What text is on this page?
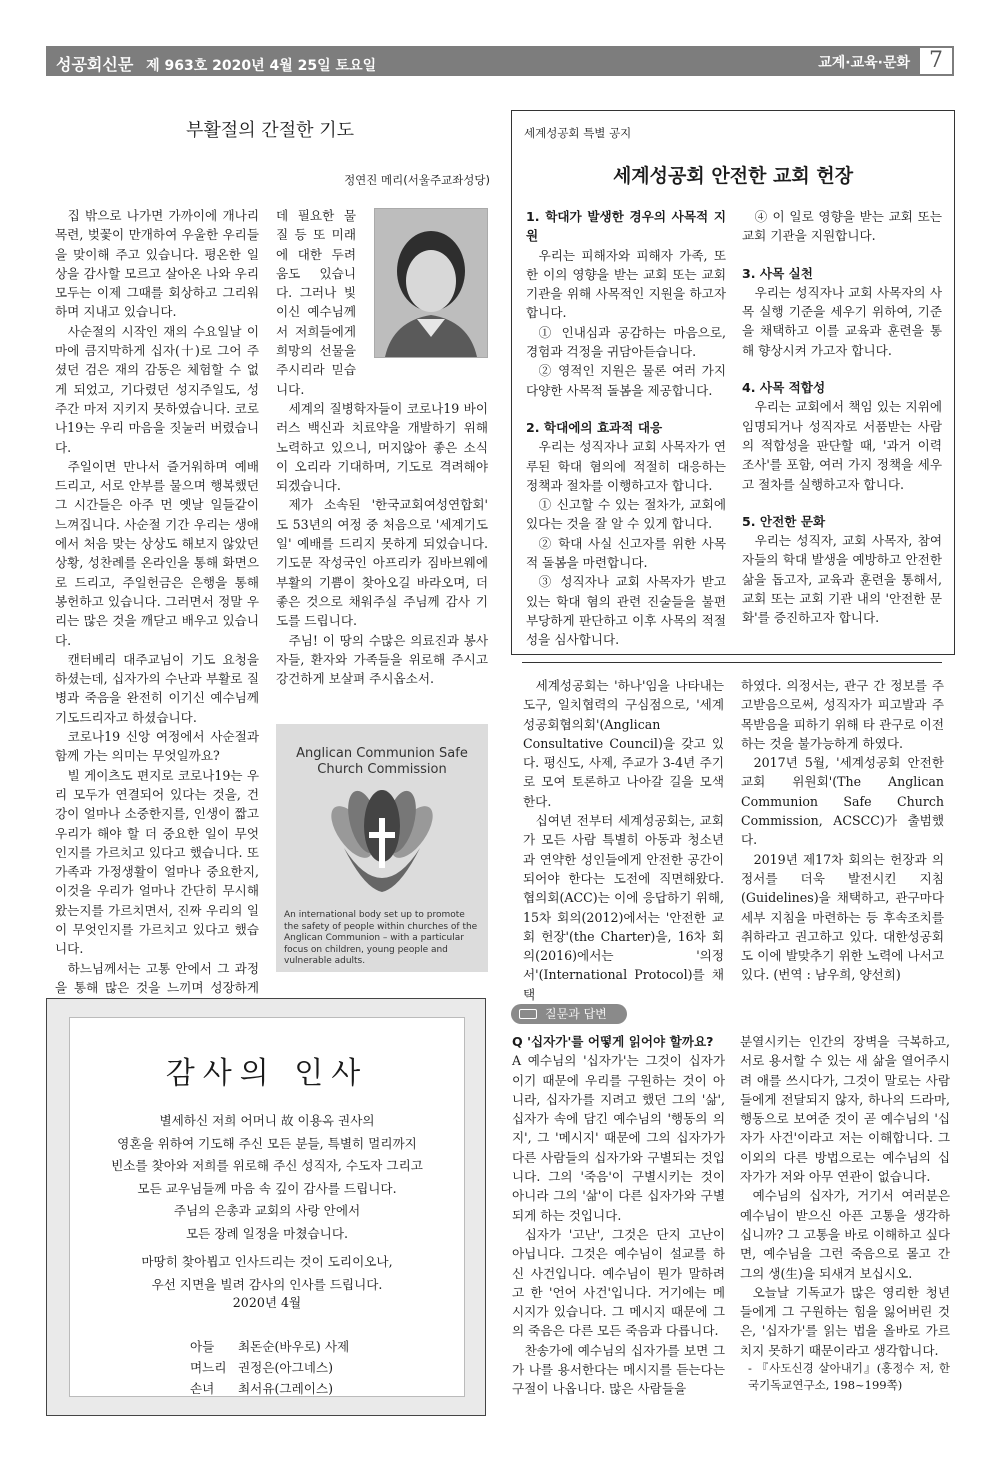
성공회신문 제 963호 2020년 4월 25일 토요일	교계·교육·문화 7
부활절의 간절한 기도
정연진 메리(서울주교좌성당)

집 밖으로 나가면 가까이에 개나리 목련, 벚꽃이 만개하여 우울한 우리들을 맞이해 주고 있습니다. 평온한 일상을 감사할 모르고 살아온 나와 우리 모두는 이제 그때를 회상하고 그리워하며 지내고 있습니다.

사순절의 시작인 재의 수요일날 이마에 큼지막하게 십자(十)로 그어 주셨던 검은 재의 감동은 체험할 수 없게 되었고, 기다렸던 성지주일도, 성주간 마저 지키지 못하였습니다. 코로나19는 우리 마음을 짓눌러 버렸습니다.

주일이면 만나서 즐거워하며 예배드리고, 서로 안부를 물으며 행복했던 그 시간들은 아주 먼 옛날 일들같이 느껴집니다. 사순절 기간 우리는 생애에서 처음 맞는 상상도 해보지 않았던 상황, 성찬례를 온라인을 통해 화면으로 드리고, 주일헌금은 은행을 통해 봉헌하고 있습니다. 그러면서 정말 우리는 많은 것을 깨닫고 배우고 있습니다.

캔터베리 대주교님이 기도 요청을 하셨는데, 십자가의 수난과 부활로 질병과 죽음을 완전히 이기신 예수님께 기도드리자고 하셨습니다.

코로나19 신앙 여정에서 사순절과 함께 가는 의미는 무엇일까요?

빌 게이츠도 편지로 코로나19는 우리 모두가 연결되어 있다는 것을, 건강이 얼마나 소중한지를, 인생이 짧고 우리가 해야 할 더 중요한 일이 무엇인지를 가르치고 있다고 했습니다. 또 가족과 가정생활이 얼마나 중요한지, 이것을 우리가 얼마나 간단히 무시해 왔는지를 가르치면서, 진짜 우리의 일이 무엇인지를 가르치고 있다고 했습니다.

하느님께서는 고통 안에서 그 과정을 통해 많은 것을 느끼며 성장하게

데 필요한 물질 등 또 미래에 대한 두려움도 있습니다. 그러나 빛이신 예수님께서 저희들에게 희망의 선물을 주시리라 믿습니다.

세계의 질병학자들이 코로나19 바이러스 백신과 치료약을 개발하기 위해 노력하고 있으니, 머지않아 좋은 소식이 오리라 기대하며, 기도로 격려해야 되겠습니다.

제가 소속된 '한국교회여성연합회' 도 53년의 여정 중 처음으로 '세계기도일' 예배를 드리지 못하게 되었습니다. 기도문 작성국인 아프리카 짐바브웨에 부활의 기쁨이 찾아오길 바라오며, 더 좋은 것으로 채워주실 주님께 감사 기도를 드립니다.

주님! 이 땅의 수많은 의료진과 봉사자들, 환자와 가족들을 위로해 주시고 강건하게 보살펴 주시옵소서.

Anglican Communion Safe Church Commission
An international body set up to promote the safety of people within churches of the Anglican Communion – with a particular focus on children, young people and vulnerable adults.
세계성공회 특별 공지
세계성공회 안전한 교회 헌장
1. 학대가 발생한 경우의 사목적 지원

우리는 피해자와 피해자 가족, 또한 이의 영향을 받는 교회 또는 교회 기관을 위해 사목적인 지원을 하고자 합니다.

① 인내심과 공감하는 마음으로, 경험과 걱정을 귀담아듣습니다.

② 영적인 지원은 물론 여러 가지 다양한 사목적 돌봄을 제공합니다.

2. 학대에의 효과적 대응

우리는 성직자나 교회 사목자가 연루된 학대 혐의에 적절히 대응하는 정책과 절차를 이행하고자 합니다.

① 신고할 수 있는 절차가, 교회에 있다는 것을 잘 알 수 있게 합니다.

② 학대 사실 신고자를 위한 사목적 돌봄을 마련합니다.

③ 성직자나 교회 사목자가 받고 있는 학대 혐의 관련 진술들을 불편부당하게 판단하고 이후 사목의 적절성을 심사합니다.

④ 이 일로 영향을 받는 교회 또는 교회 기관을 지원합니다.

3. 사목 실천

우리는 성직자나 교회 사목자의 사목 실행 기준을 세우기 위하여, 기준을 채택하고 이를 교육과 훈련을 통해 향상시켜 가고자 합니다.

4. 사목 적합성

우리는 교회에서 책임 있는 지위에 임명되거나 성직자로 서품받는 사람의 적합성을 판단할 때, '과거 이력 조사'를 포함, 여러 가지 정책을 세우고 절차를 실행하고자 합니다.

5. 안전한 문화

우리는 성직자, 교회 사목자, 참여자들의 학대 발생을 예방하고 안전한 삶을 돕고자, 교육과 훈련을 통해서, 교회 또는 교회 기관 내의 '안전한 문화'를 증진하고자 합니다.

세계성공회는 '하나'임을 나타내는 도구, 일치협력의 구심점으로, '세계성공회협의회'(Anglican Consultative Council)을 갖고 있다. 평신도, 사제, 주교가 3-4년 주기로 모여 토론하고 나아갈 길을 모색한다.

십여년 전부터 세계성공회는, 교회가 모든 사람 특별히 아동과 청소년과 연약한 성인들에게 안전한 공간이 되어야 한다는 도전에 직면해왔다. 협의회(ACC)는 이에 응답하기 위해, 15차 회의(2012)에서는 '안전한 교회 헌장'(the Charter)을, 16차 회의(2016)에서는 '의정서'(International Protocol)를 채택

하였다. 의정서는, 관구 간 정보를 주고받음으로써, 성직자가 피고발과 주목받음을 피하기 위해 타 관구로 이전하는 것을 불가능하게 하였다.

2017년 5월, '세계성공회 안전한 교회 위원회'(The Anglican Communion Safe Church Commission, ACSCC)가 출범했다.

2019년 제17차 회의는 헌장과 의정서를 더욱 발전시킨 지침(Guidelines)을 채택하고, 관구마다 세부 지침을 마련하는 등 후속조치를 취하라고 권고하고 있다. 대한성공회도 이에 발맞추기 위한 노력에 나서고 있다. (번역 : 남우희, 양선희)

감사의 인사
별세하신 저희 어머니 故 이용옥 권사의
영혼을 위하여 기도해 주신 모든 분들, 특별히 멀리까지
빈소를 찾아와 저희를 위로해 주신 성직자, 수도자 그리고
모든 교우님들께 마음 속 깊이 감사를 드립니다.
주님의 은총과 교회의 사랑 안에서
모든 장례 일정을 마쳤습니다.
마땅히 찾아뵙고 인사드리는 것이 도리이오나,
우선 지면을 빌려 감사의 인사를 드립니다.
2020년 4월
아들 최돈순(바우로) 사제
며느리 권정은(아그네스)
손녀 최서유(그레이스)
질문과 답변

Q '십자가'를 어떻게 읽어야 할까요?

A 예수님의 '십자가'는 그것이 십자가이기 때문에 우리를 구원하는 것이 아니라, 십자가를 지려고 했던 그의 '삶', 십자가 속에 담긴 예수님의 '행동의 의지', 그 '메시지' 때문에 그의 십자가가 다른 사람들의 십자가와 구별되는 것입니다. 그의 '죽음'이 구별시키는 것이 아니라 그의 '삶'이 다른 십자가와 구별되게 하는 것입니다.

십자가 '고난', 그것은 단지 고난이 아닙니다. 그것은 예수님이 설교를 하신 사건입니다. 예수님이 뭔가 말하려고 한 '언어 사건'입니다. 거기에는 메시지가 있습니다. 그 메시지 때문에 그의 죽음은 다른 모든 죽음과 다릅니다.

찬송가에 예수님의 십자가를 보면 그가 나를 용서한다는 메시지를 듣는다는 구절이 나옵니다. 많은 사람들을

분열시키는 인간의 장벽을 극복하고, 서로 용서할 수 있는 새 삶을 열어주시려 애를 쓰시다가, 그것이 말로는 사람들에게 전달되지 않자, 하나의 드라마, 행동으로 보여준 것이 곧 예수님의 '십자가 사건'이라고 저는 이해합니다. 그 이외의 다른 방법으로는 예수님의 십자가가 저와 아무 연관이 없습니다.

예수님의 십자가, 거기서 여러분은 예수님이 받으신 아픈 고통을 생각하십니까? 그 고통을 바로 이해하고 싶다면, 예수님을 그런 죽음으로 몰고 간 그의 생(生)을 되새겨 보십시오.

오늘날 기독교가 많은 영리한 청년들에게 그 구원하는 힘을 잃어버린 것은, '십자가'를 읽는 법을 올바로 가르치지 못하기 때문이라고 생각합니다.

- 『사도신경 살아내기』(홍정수 저, 한국기독교연구소, 198~199쪽)
